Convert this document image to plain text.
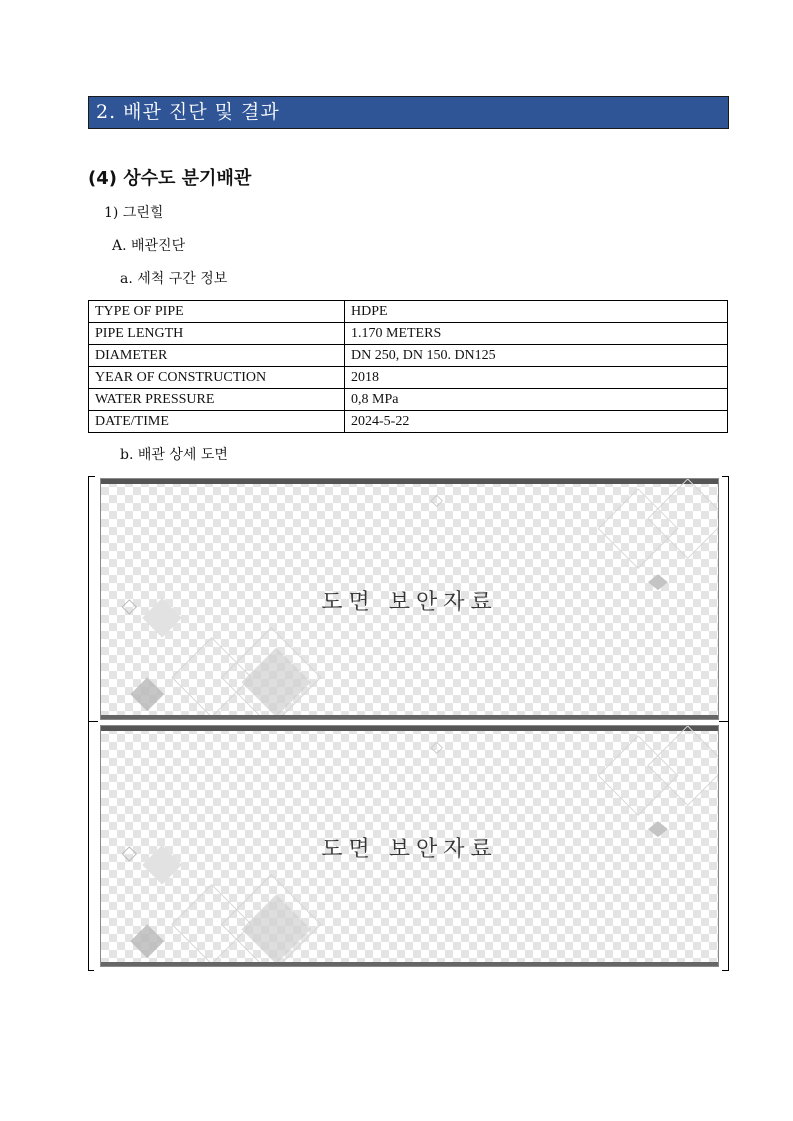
2. 배관 진단 및 결과
(4) 상수도 분기배관
1) 그린힐
A. 배관진단
a. 세척 구간 정보
TYPE OF PIPE	HDPE
PIPE LENGTH	1.170 METERS
DIAMETER	DN 250, DN 150. DN125
YEAR OF CONSTRUCTION	2018
WATER PRESSURE	0,8 MPa
DATE/TIME	2024-5-22
b. 배관 상세 도면
도면 보안자료
도면 보안자료
